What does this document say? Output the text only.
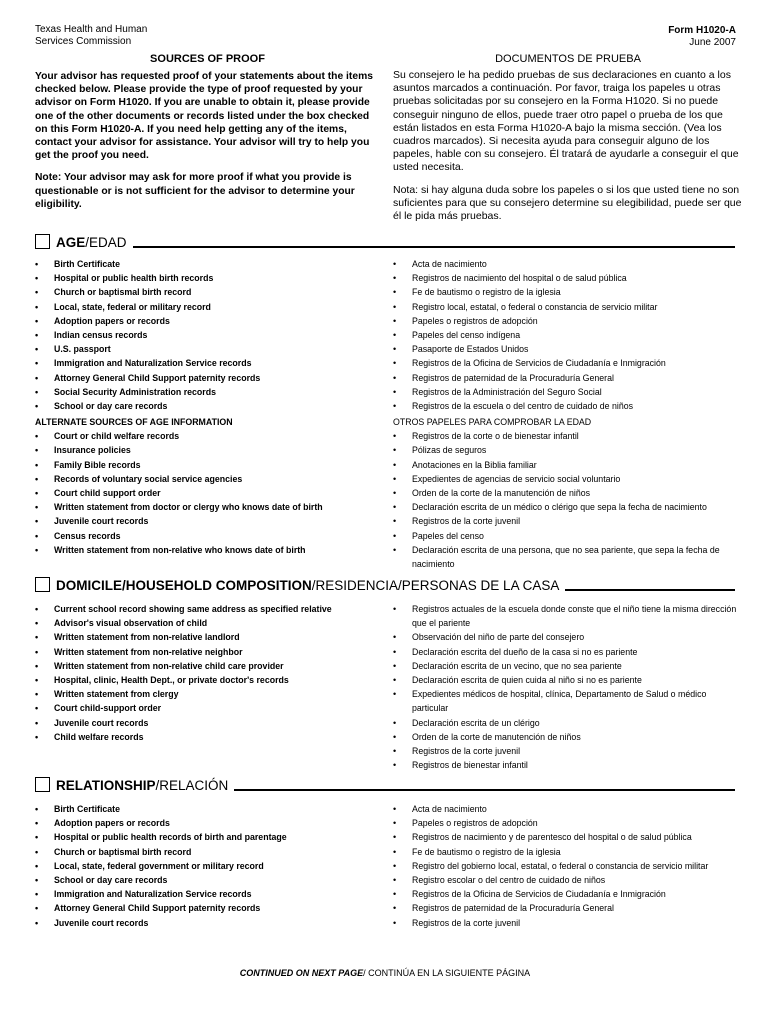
Texas Health and Human Services Commission
Form H1020-A
June 2007

SOURCES OF PROOF

Your advisor has requested proof of your statements about the items checked below. Please provide the type of proof requested by your advisor on Form H1020. If you are unable to obtain it, please provide one of the other documents or records listed under the box checked on this Form H1020-A. If you need help getting any of the items, contact your advisor for assistance. Your advisor will try to help you get the proof you need.

Note: Your advisor may ask for more proof if what you provide is questionable or is not sufficient for the advisor to determine your eligibility.

DOCUMENTOS DE PRUEBA

Su consejero le ha pedido pruebas de sus declaraciones en cuanto a los asuntos marcados a continuación. Por favor, traiga los papeles u otras pruebas solicitadas por su consejero en la Forma H1020. Si no puede conseguir ninguno de ellos, puede traer otro papel o prueba de los que están listados en esta Forma H1020-A bajo la misma sección. (Vea los cuadros marcados). Si necesita ayuda para conseguir alguno de los papeles, hable con su consejero. Él tratará de ayudarle a conseguir el que usted necesita.

Nota: si hay alguna duda sobre los papeles o si los que usted tiene no son suficientes para que su consejero determine su elegibilidad, puede ser que él le pida más pruebas.

AGE/EDAD
• Birth Certificate
• Hospital or public health birth records
• Church or baptismal birth record
• Local, state, federal or military record
• Adoption papers or records
• Indian census records
• U.S. passport
• Immigration and Naturalization Service records
• Attorney General Child Support paternity records
• Social Security Administration records
• School or day care records

ALTERNATE SOURCES OF AGE INFORMATION

• Court or child welfare records
• Insurance policies
• Family Bible records
• Records of voluntary social service agencies
• Court child support order
• Written statement from doctor or clergy who knows date of birth
• Juvenile court records
• Census records
• Written statement from non-relative who knows date of birth
• Acta de nacimiento
• Registros de nacimiento del hospital o de salud pública
• Fe de bautismo o registro de la iglesia
• Registro local, estatal, o federal o constancia de servicio militar
• Papeles o registros de adopción
• Papeles del censo indígena
• Pasaporte de Estados Unidos
• Registros de la Oficina de Servicios de Ciudadanía e Inmigración
• Registros de paternidad de la Procuraduría General
• Registros de la Administración del Seguro Social
• Registros de la escuela o del centro de cuidado de niños

OTROS PAPELES PARA COMPROBAR LA EDAD

• Registros de la corte o de bienestar infantil
• Pólizas de seguros
• Anotaciones en la Biblia familiar
• Expedientes de agencias de servicio social voluntario
• Orden de la corte de la manutención de niños
• Declaración escrita de un médico o clérigo que sepa la fecha de nacimiento
• Registros de la corte juvenil
• Papeles del censo
• Declaración escrita de una persona, que no sea pariente, que sepa la fecha de nacimiento
DOMICILE/HOUSEHOLD COMPOSITION/RESIDENCIA/PERSONAS DE LA CASA
• Current school record showing same address as specified relative
• Advisor's visual observation of child
• Written statement from non-relative landlord
• Written statement from non-relative neighbor
• Written statement from non-relative child care provider
• Hospital, clinic, Health Dept., or private doctor's records
• Written statement from clergy
• Court child-support order
• Juvenile court records
• Child welfare records
• Registros actuales de la escuela donde conste que el niño tiene la misma dirección que el pariente
• Observación del niño de parte del consejero
• Declaración escrita del dueño de la casa si no es pariente
• Declaración escrita de un vecino, que no sea pariente
• Declaración escrita de quien cuida al niño si no es pariente
• Expedientes médicos de hospital, clínica, Departamento de Salud o médico particular
• Declaración escrita de un clérigo
• Orden de la corte de manutención de niños
• Registros de la corte juvenil
• Registros de bienestar infantil
RELATIONSHIP/RELACIÓN
• Birth Certificate
• Adoption papers or records
• Hospital or public health records of birth and parentage
• Church or baptismal birth record
• Local, state, federal government or military record
• School or day care records
• Immigration and Naturalization Service records
• Attorney General Child Support paternity records
• Juvenile court records
• Acta de nacimiento
• Papeles o registros de adopción
• Registros de nacimiento y de parentesco del hospital o de salud pública
• Fe de bautismo o registro de la iglesia
• Registro del gobierno local, estatal, o federal o constancia de servicio militar
• Registro escolar o del centro de cuidado de niños
• Registros de la Oficina de Servicios de Ciudadanía e Inmigración
• Registros de paternidad de la Procuraduría General
• Registros de la corte juvenil
CONTINUED ON NEXT PAGE/ CONTINÚA EN LA SIGUIENTE PÁGINA
